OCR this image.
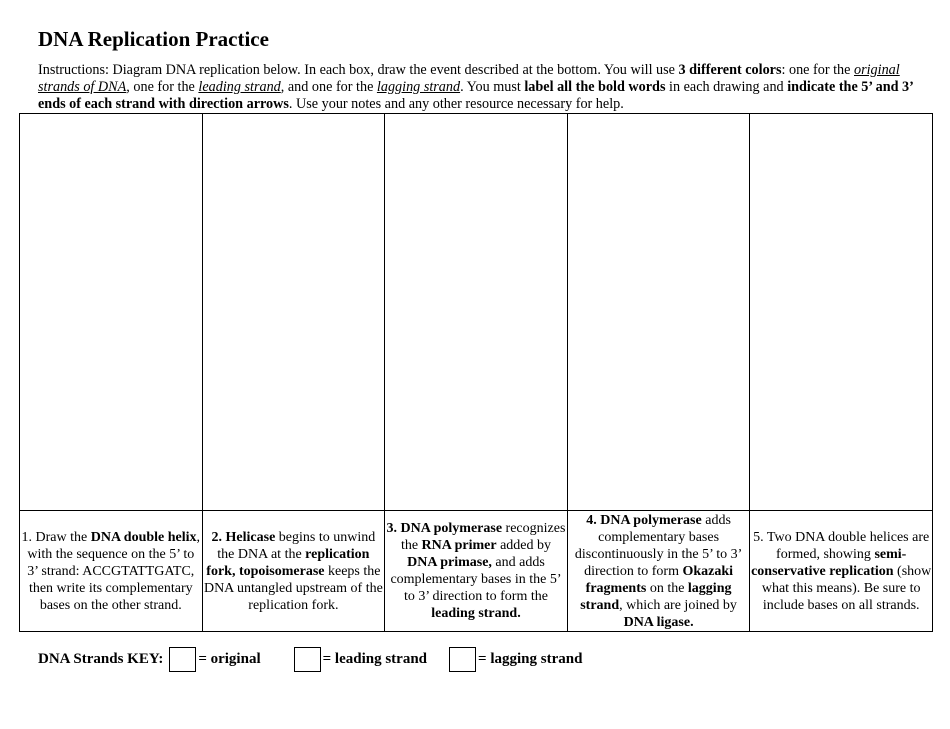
DNA Replication Practice
Instructions: Diagram DNA replication below. In each box, draw the event described at the bottom. You will use 3 different colors: one for the original strands of DNA, one for the leading strand, and one for the lagging strand. You must label all the bold words in each drawing and indicate the 5’ and 3’ ends of each strand with direction arrows. Use your notes and any other resource necessary for help.

1. Draw the DNA double helix, with the sequence on the 5’ to 3’ strand: ACCGTATTGATC, then write its complementary bases on the other strand.	2. Helicase begins to unwind the DNA at the replication fork, topoisomerase keeps the DNA untangled upstream of the replication fork.	3. DNA polymerase recognizes the RNA primer added by DNA primase, and adds complementary bases in the 5’ to 3’ direction to form the leading strand.	4. DNA polymerase adds complementary bases discontinuously in the 5’ to 3’ direction to form Okazaki fragments on the lagging strand, which are joined by DNA ligase.	5. Two DNA double helices are formed, showing semi-conservative replication (show what this means). Be sure to include bases on all strands.
DNA Strands KEY: = original	= leading strand	= lagging strand
